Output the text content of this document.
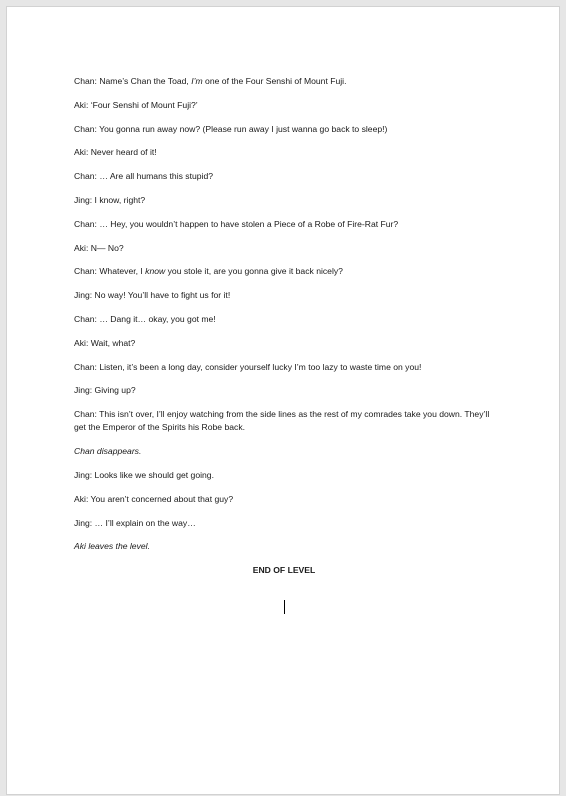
Chan: Name’s Chan the Toad, I’m one of the Four Senshi of Mount Fuji.

Aki: ‘Four Senshi of Mount Fuji?’

Chan: You gonna run away now? (Please run away I just wanna go back to sleep!)

Aki: Never heard of it!

Chan: … Are all humans this stupid?

Jing: I know, right?

Chan: … Hey, you wouldn’t happen to have stolen a Piece of a Robe of Fire-Rat Fur?

Aki: N— No?

Chan: Whatever, I know you stole it, are you gonna give it back nicely?

Jing: No way! You’ll have to fight us for it!

Chan: … Dang it… okay, you got me!

Aki: Wait, what?

Chan: Listen, it’s been a long day, consider yourself lucky I’m too lazy to waste time on you!

Jing: Giving up?

Chan: This isn’t over, I’ll enjoy watching from the side lines as the rest of my comrades take you down. They’ll get the Emperor of the Spirits his Robe back.

Chan disappears.

Jing: Looks like we should get going.

Aki: You aren’t concerned about that guy?

Jing: … I’ll explain on the way…

Aki leaves the level.

END OF LEVEL
